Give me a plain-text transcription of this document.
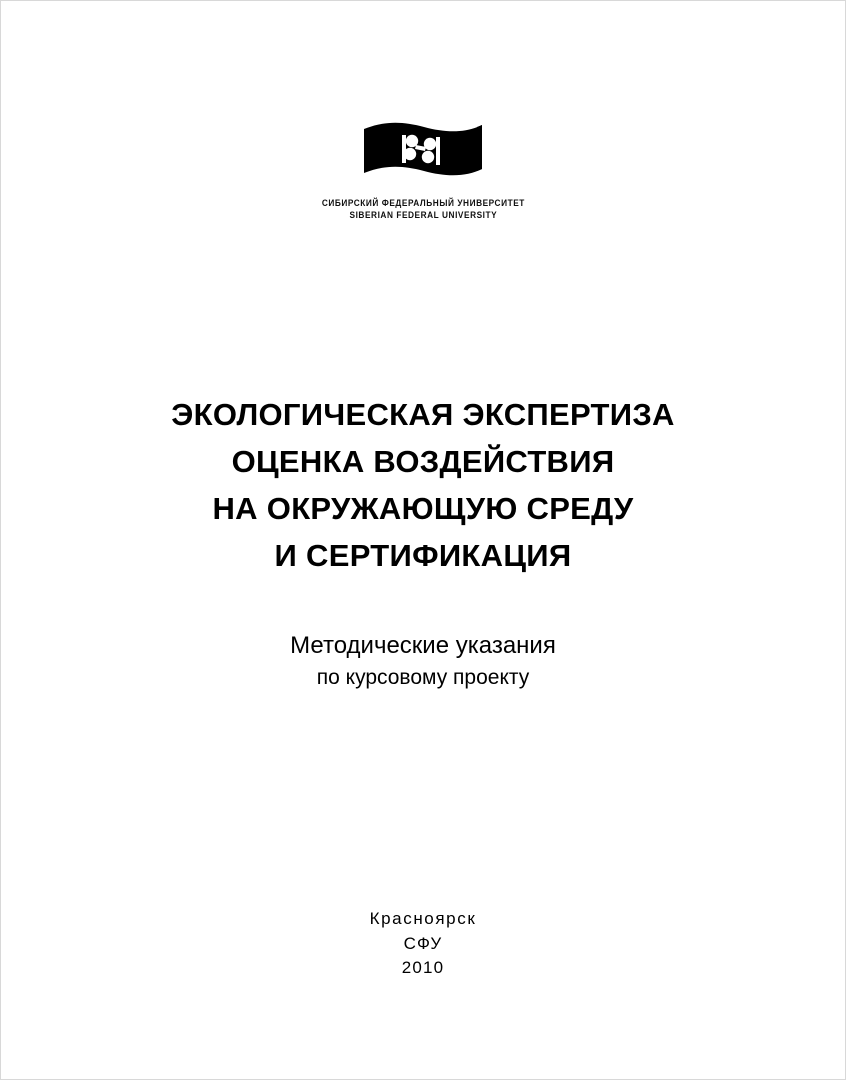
СИБИРСКИЙ ФЕДЕРАЛЬНЫЙ УНИВЕРСИТЕТ
SIBERIAN FEDERAL UNIVERSITY
ЭКОЛОГИЧЕСКАЯ ЭКСПЕРТИЗА
ОЦЕНКА ВОЗДЕЙСТВИЯ
НА ОКРУЖАЮЩУЮ СРЕДУ
И СЕРТИФИКАЦИЯ
Методические указания
по курсовому проекту
Красноярск
СФУ
2010
